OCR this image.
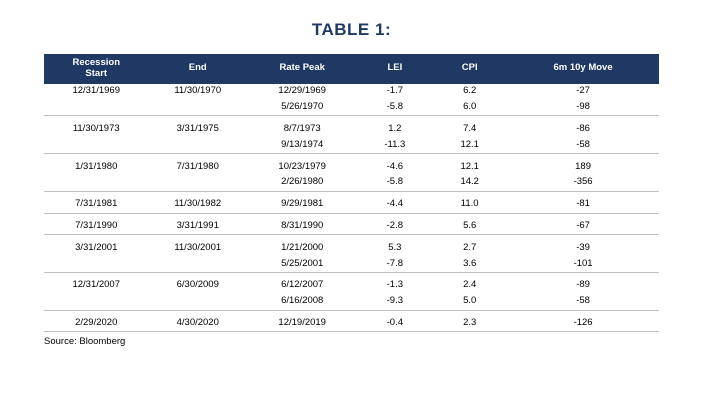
TABLE 1:
Recession
Start	End	Rate Peak	LEI	CPI	6m 10y Move
12/31/1969	11/30/1970	12/29/1969	-1.7	6.2	-27
		5/26/1970	-5.8	6.0	-98

11/30/1973	3/31/1975	8/7/1973	1.2	7.4	-86
		9/13/1974	-11.3	12.1	-58

1/31/1980	7/31/1980	10/23/1979	-4.6	12.1	189
		2/26/1980	-5.8	14.2	-356

7/31/1981	11/30/1982	9/29/1981	-4.4	11.0	-81

7/31/1990	3/31/1991	8/31/1990	-2.8	5.6	-67

3/31/2001	11/30/2001	1/21/2000	5.3	2.7	-39
		5/25/2001	-7.8	3.6	-101

12/31/2007	6/30/2009	6/12/2007	-1.3	2.4	-89
		6/16/2008	-9.3	5.0	-58

2/29/2020	4/30/2020	12/19/2019	-0.4	2.3	-126
Source: Bloomberg
